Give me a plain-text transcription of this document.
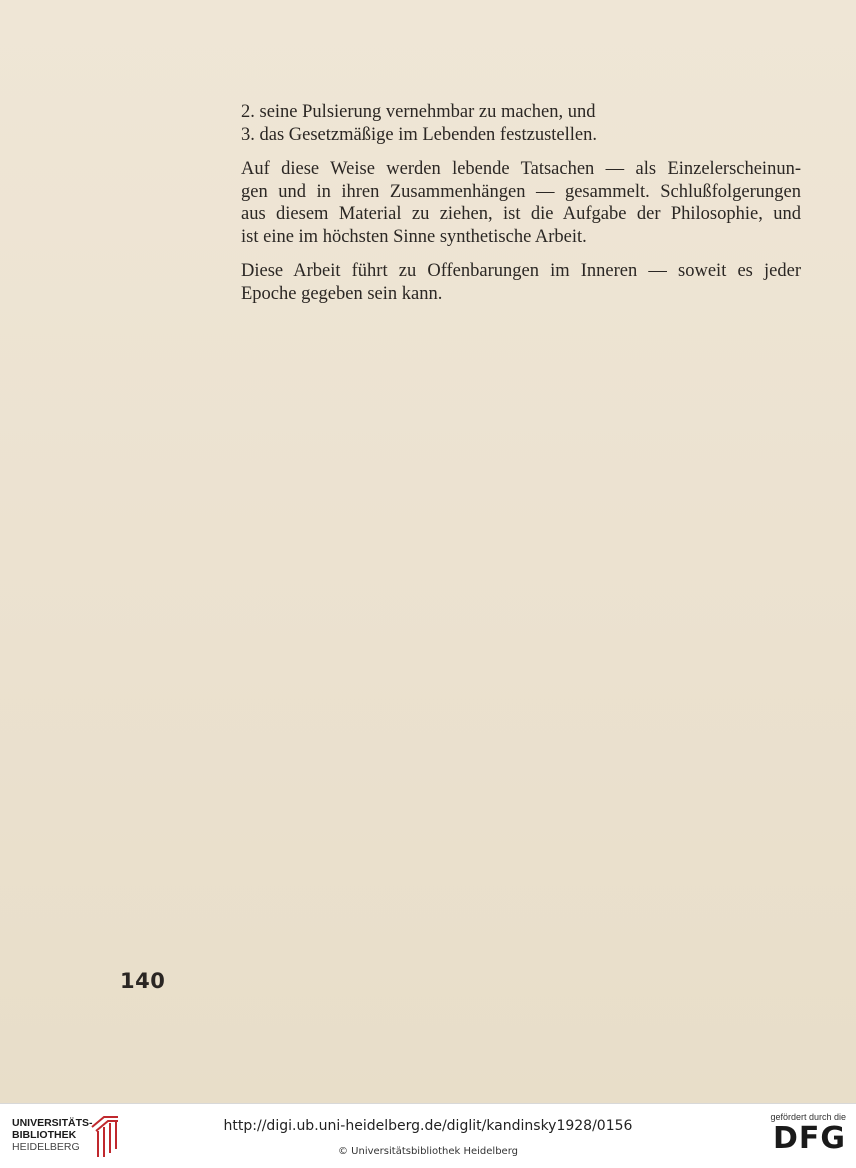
2. seine Pulsierung vernehmbar zu machen, und
3. das Gesetzmäßige im Lebenden festzustellen.
Auf diese Weise werden lebende Tatsachen — als Einzelerscheinun-
gen und in ihren Zusammenhängen — gesammelt. Schlußfolgerungen
aus diesem Material zu ziehen, ist die Aufgabe der Philosophie, und
ist eine im höchsten Sinne synthetische Arbeit.
Diese Arbeit führt zu Offenbarungen im Inneren — soweit es jeder
Epoche gegeben sein kann.
140
UNIVERSITÄTS-
BIBLIOTHEK
HEIDELBERG
http://digi.ub.uni-heidelberg.de/diglit/kandinsky1928/0156
© Universitätsbibliothek Heidelberg
gefördert durch die
DFG
